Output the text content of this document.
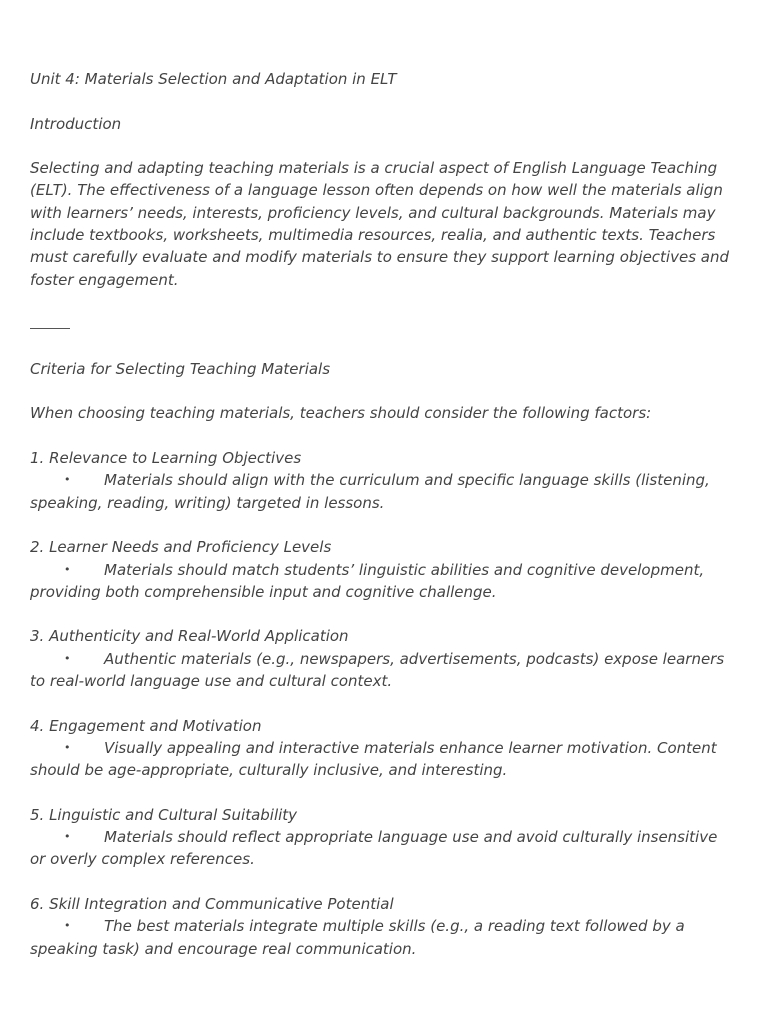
Unit 4: Materials Selection and Adaptation in ELT

Introduction

Selecting and adapting teaching materials is a crucial aspect of English Language Teaching (ELT). The effectiveness of a language lesson often depends on how well the materials align with learners’ needs, interests, proficiency levels, and cultural backgrounds. Materials may include textbooks, worksheets, multimedia resources, realia, and authentic texts. Teachers must carefully evaluate and modify materials to ensure they support learning objectives and foster engagement.

Criteria for Selecting Teaching Materials

When choosing teaching materials, teachers should consider the following factors:

1. Relevance to Learning Objectives

• Materials should align with the curriculum and specific language skills (listening, speaking, reading, writing) targeted in lessons.

2. Learner Needs and Proficiency Levels

• Materials should match students’ linguistic abilities and cognitive development, providing both comprehensible input and cognitive challenge.

3. Authenticity and Real-World Application

• Authentic materials (e.g., newspapers, advertisements, podcasts) expose learners to real-world language use and cultural context.

4. Engagement and Motivation

• Visually appealing and interactive materials enhance learner motivation. Content should be age-appropriate, culturally inclusive, and interesting.

5. Linguistic and Cultural Suitability

• Materials should reflect appropriate language use and avoid culturally insensitive or overly complex references.

6. Skill Integration and Communicative Potential

• The best materials integrate multiple skills (e.g., a reading text followed by a speaking task) and encourage real communication.
